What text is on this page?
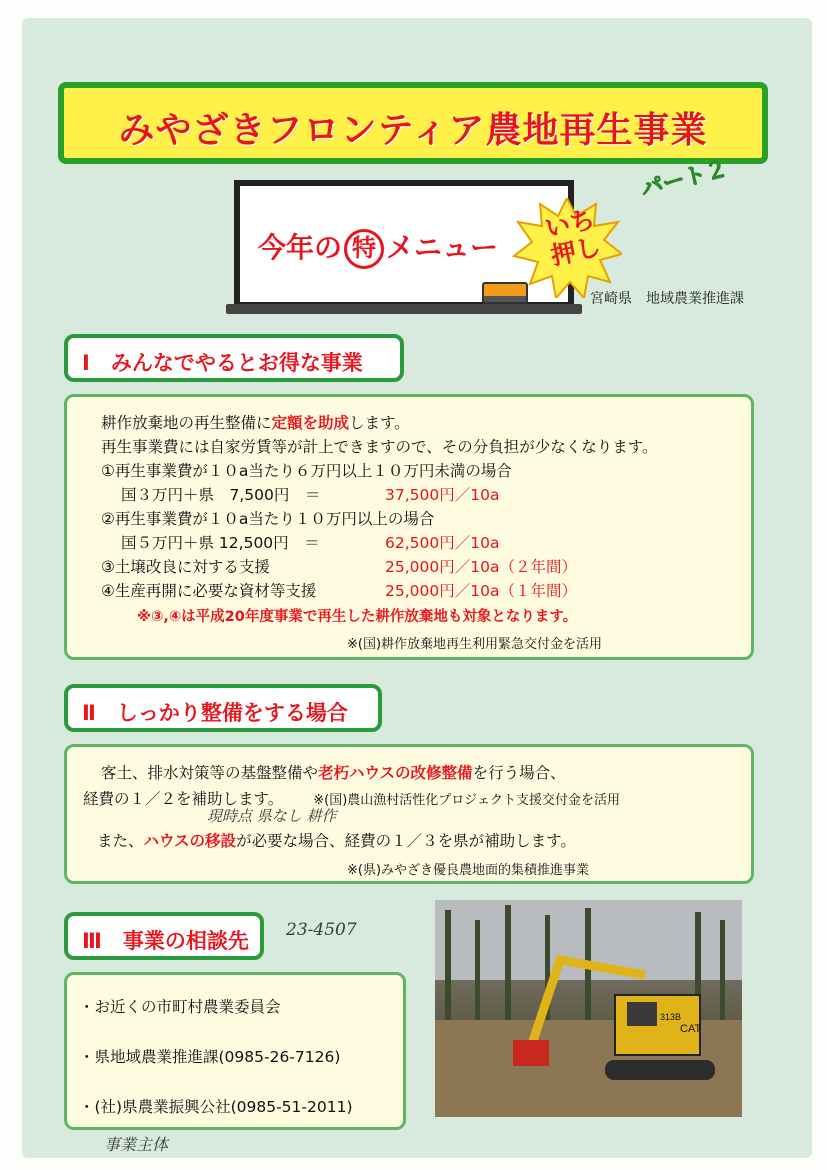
みやざきフロンティア農地再生事業
パート２
今年の 特 メニュー
いち押し
宮崎県　地域農業推進課
Ⅰ　みんなでやるとお得な事業
耕作放棄地の再生整備に定額を助成します。
再生事業費には自家労賃等が計上できますので、その分負担が少なくなります。
①再生事業費が１０a当たり６万円以上１０万円未満の場合
国３万円＋県　7,500円　＝	37,500円／10a
②再生事業費が１０a当たり１０万円以上の場合
国５万円＋県 12,500円　＝	62,500円／10a
③土壌改良に対する支援	25,000円／10a（２年間）
④生産再開に必要な資材等支援	25,000円／10a（１年間）
※③,④は平成20年度事業で再生した耕作放棄地も対象となります。
※(国)耕作放棄地再生利用緊急交付金を活用
Ⅱ　しっかり整備をする場合
客土、排水対策等の基盤整備や老朽ハウスの改修整備を行う場合、
経費の１／２を補助します。 ※(国)農山漁村活性化プロジェクト支援交付金を活用
現時点 県なし 耕作
また、ハウスの移設が必要な場合、経費の１／３を県が補助します。
※(県)みやざき優良農地面的集積推進事業
Ⅲ　事業の相談先 23-4507
・お近くの市町村農業委員会
・県地域農業推進課(0985-26-7126)
・(社)県農業振興公社(0985-51-2011)
事業主体
CAT
313B
